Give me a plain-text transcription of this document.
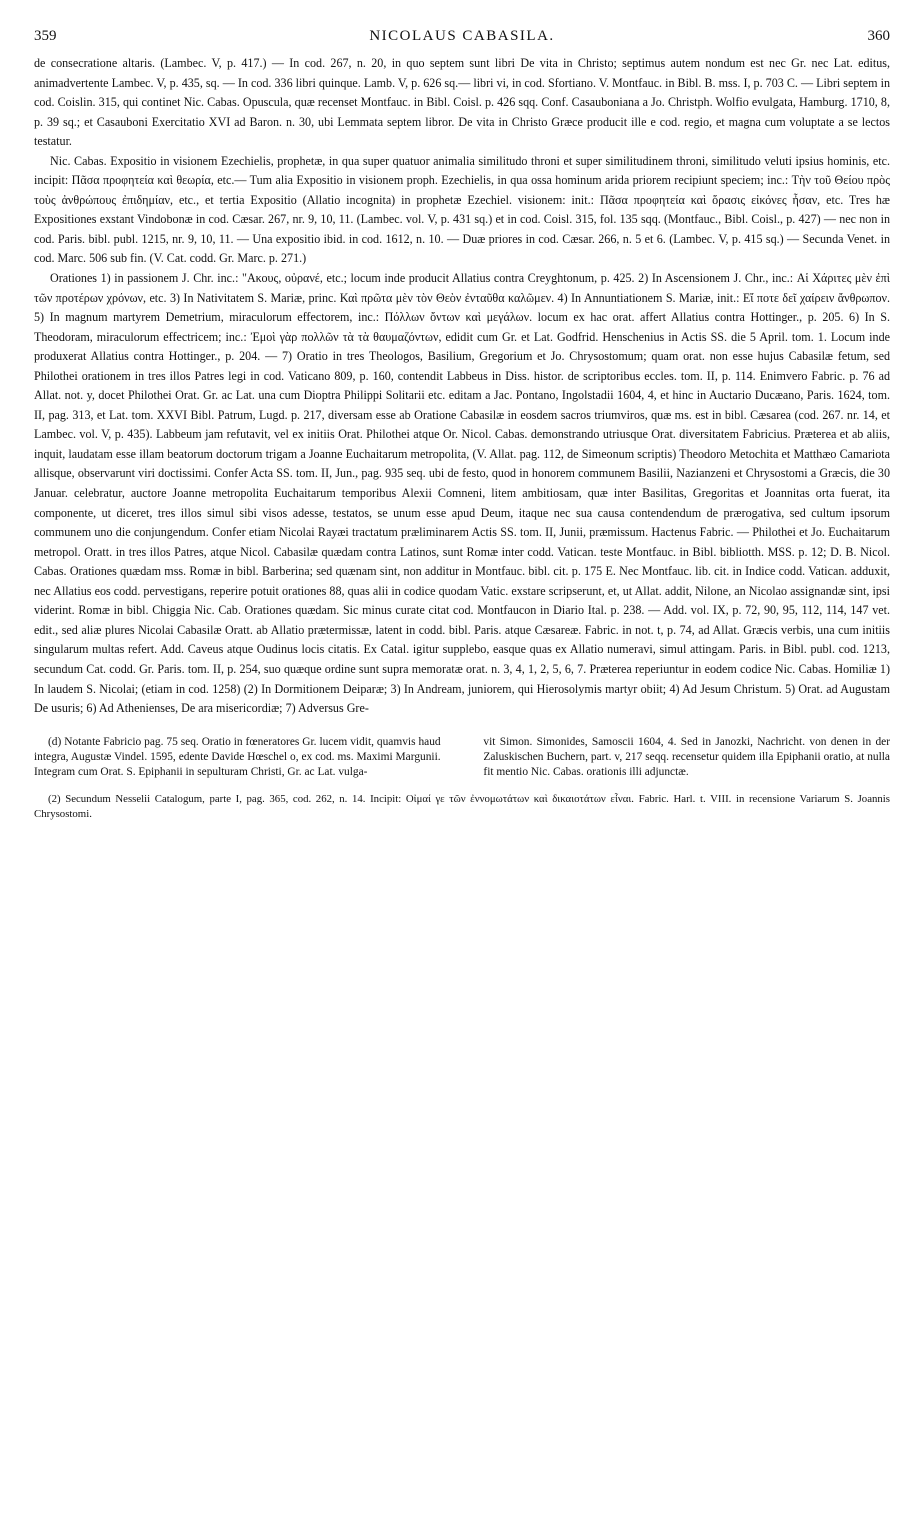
359	NICOLAUS CABASILA.	360

de consecratione altaris. (Lambec. V, p. 417.) — In cod. 267, n. 20, in quo septem sunt libri De vita in Christo; septimus autem nondum est nec Gr. nec Lat. editus, animadvertente Lambec. V, p. 435, sq. — In cod. 336 libri quinque. Lamb. V, p. 626 sq.— libri vi, in cod. Sfortiano. V. Montfauc. in Bibl. B. mss. I, p. 703 C. — Libri septem in cod. Coislin. 315, qui continet Nic. Cabas. Opuscula, quæ recenset Montfauc. in Bibl. Coisl. p. 426 sqq. Conf. Casauboniana a Jo. Christph. Wolfio evulgata, Hamburg. 1710, 8, p. 39 sq.; et Casauboni Exercitatio XVI ad Baron. n. 30, ubi Lemmata septem libror. De vita in Christo Græce producit ille e cod. regio, et magna cum voluptate a se lectos testatur.

Nic. Cabas. Expositio in visionem Ezechielis, prophetæ, in qua super quatuor animalia similitudo throni et super similitudinem throni, similitudo veluti ipsius hominis, etc. incipit: Πᾶσα προφητεία καὶ θεωρία, etc.— Tum alia Expositio in visionem proph. Ezechielis, in qua ossa hominum arida priorem recipiunt speciem; inc.: Τὴν τοῦ Θείου πρὸς τοὺς ἀνθρώπους ἐπιδημίαν, etc., et tertia Expositio (Allatio incognita) in prophetæ Ezechiel. visionem: init.: Πᾶσα προφητεία καὶ ὅρασις εἰκόνες ἦσαν, etc. Tres hæ Expositiones exstant Vindobonæ in cod. Cæsar. 267, nr. 9, 10, 11. (Lambec. vol. V, p. 431 sq.) et in cod. Coisl. 315, fol. 135 sqq. (Montfauc., Bibl. Coisl., p. 427) — nec non in cod. Paris. bibl. publ. 1215, nr. 9, 10, 11. — Una expositio ibid. in cod. 1612, n. 10. — Duæ priores in cod. Cæsar. 266, n. 5 et 6. (Lambec. V, p. 415 sq.) — Secunda Venet. in cod. Marc. 506 sub fin. (V. Cat. codd. Gr. Marc. p. 271.)

Orationes 1) in passionem J. Chr. inc.: "Ακους, οὐρανέ, etc.; locum inde producit Allatius contra Creyghtonum, p. 425. 2) In Ascensionem J. Chr., inc.: Αἱ Χάριτες μὲν ἐπὶ τῶν προτέρων χρόνων, etc. 3) In Nativitatem S. Mariæ, princ. Καὶ πρῶτα μὲν τὸν Θεὸν ἐνταῦθα καλῶμεν. 4) In Annuntiationem S. Mariæ, init.: Εἴ ποτε δεῖ χαίρειν ἄνθρωπον. 5) In magnum martyrem Demetrium, miraculorum effectorem, inc.: Πόλλων ὄντων καὶ μεγάλων. locum ex hac orat. affert Allatius contra Hottinger., p. 205. 6) In S. Theodoram, miraculorum effectricem; inc.: Ἐμοὶ γὰρ πολλῶν τὰ τὰ θαυμαζόντων, edidit cum Gr. et Lat. Godfrid. Henschenius in Actis SS. die 5 April. tom. 1. Locum inde produxerat Allatius contra Hottinger., p. 204. — 7) Oratio in tres Theologos, Basilium, Gregorium et Jo. Chrysostomum; quam orat. non esse hujus Cabasilæ fetum, sed Philothei orationem in tres illos Patres legi in cod. Vaticano 809, p. 160, contendit Labbeus in Diss. histor. de scriptoribus eccles. tom. II, p. 114. Enimvero Fabric. p. 76 ad Allat. not. y, docet Philothei Orat. Gr. ac Lat. una cum Dioptra Philippi Solitarii etc. editam a Jac. Pontano, Ingolstadii 1604, 4, et hinc in Auctario Ducæano, Paris. 1624, tom. II, pag. 313, et Lat. tom. XXVI Bibl. Patrum, Lugd. p. 217, diversam esse ab Oratione Cabasilæ in eosdem sacros triumviros, quæ ms. est in bibl. Cæsarea (cod. 267. nr. 14, et Lambec. vol. V, p. 435). Labbeum jam refutavit, vel ex initiis Orat. Philothei atque Or. Nicol. Cabas. demonstrando utriusque Orat. diversitatem Fabricius. Præterea et ab aliis, inquit, laudatam esse illam beatorum doctorum trigam a Joanne Euchaitarum metropolita, (V. Allat. pag. 112, de Simeonum scriptis) Theodoro Metochita et Matthæo Camariota allisque, observarunt viri doctissimi. Confer Acta SS. tom. II, Jun., pag. 935 seq. ubi de festo, quod in honorem communem Basilii, Nazianzeni et Chrysostomi a Græcis, die 30 Januar. celebratur, auctore Joanne metropolita Euchaitarum temporibus Alexii Comneni, litem ambitiosam, quæ inter Basilitas, Gregoritas et Joannitas orta fuerat, ita componente, ut diceret, tres illos simul sibi visos adesse, testatos, se unum esse apud Deum, itaque nec sua causa contendendum de prærogativa, sed cultum ipsorum communem uno die conjungendum. Confer etiam Nicolai Rayæi tractatum præliminarem Actis SS. tom. II, Junii, præmissum. Hactenus Fabric. — Philothei et Jo. Euchaitarum metropol. Oratt. in tres illos Patres, atque Nicol. Cabasilæ quædam contra Latinos, sunt Romæ inter codd. Vatican. teste Montfauc. in Bibl. bibliotth. MSS. p. 12; D. B. Nicol. Cabas. Orationes quædam mss. Romæ in bibl. Barberina; sed quænam sint, non additur in Montfauc. bibl. cit. p. 175 E. Nec Montfauc. lib. cit. in Indice codd. Vatican. adduxit, nec Allatius eos codd. pervestigans, reperire potuit orationes 88, quas alii in codice quodam Vatic. exstare scripserunt, et, ut Allat. addit, Nilone, an Nicolao assignandæ sint, ipsi viderint. Romæ in bibl. Chiggia Nic. Cab. Orationes quædam. Sic minus curate citat cod. Montfaucon in Diario Ital. p. 238. — Add. vol. IX, p. 72, 90, 95, 112, 114, 147 vet. edit., sed aliæ plures Nicolai Cabasilæ Oratt. ab Allatio prætermissæ, latent in codd. bibl. Paris. atque Cæsareæ. Fabric. in not. t, p. 74, ad Allat. Græcis verbis, una cum initiis singularum multas refert. Add. Caveus atque Oudinus locis citatis. Ex Catal. igitur supplebo, easque quas ex Allatio numeravi, simul attingam. Paris. in Bibl. publ. cod. 1213, secundum Cat. codd. Gr. Paris. tom. II, p. 254, suo quæque ordine sunt supra memoratæ orat. n. 3, 4, 1, 2, 5, 6, 7. Præterea reperiuntur in eodem codice Nic. Cabas. Homiliæ 1) In laudem S. Nicolai; (etiam in cod. 1258) (2) In Dormitionem Deiparæ; 3) In Andream, juniorem, qui Hierosolymis martyr obiit; 4) Ad Jesum Christum. 5) Orat. ad Augustam De usuris; 6) Ad Athenienses, De ara misericordiæ; 7) Adversus Gre-

(d) Notante Fabricio pag. 75 seq. Oratio in fœneratores Gr. lucem vidit, quamvis haud integra, Augustæ Vindel. 1595, edente Davide Hœschel o, ex cod. ms. Maximi Margunii. Integram cum Orat. S. Epiphanii in sepulturam Christi, Gr. ac Lat. vulga-

vit Simon. Simonides, Samoscii 1604, 4. Sed in Janozki, Nachricht. von denen in der Zaluskischen Buchern, part. v, 217 seqq. recensetur quidem illa Epiphanii oratio, at nulla fit mentio Nic. Cabas. orationis illi adjunctæ.

(2) Secundum Nesselii Catalogum, parte I, pag. 365, cod. 262, n. 14. Incipit: Οἰμαί γε τῶν ἐννομωτάτων καὶ δικαιοτάτων εἶναι. Fabric. Harl. t. VIII. in recensione Variarum S. Joannis Chrysostomi.
